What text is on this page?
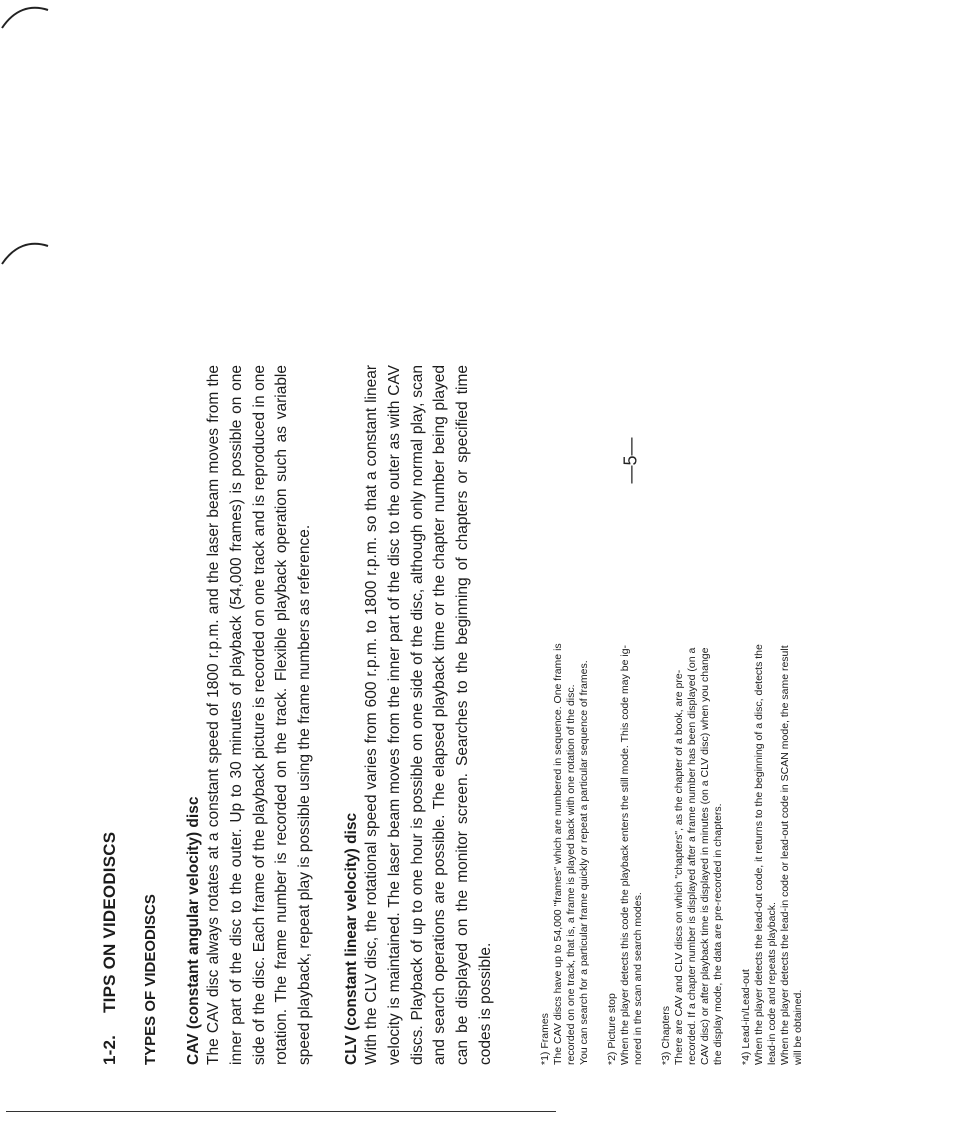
1-2.TIPS ON VIDEODISCS TYPES OF VIDEODISCS CAV (constant angular velocity) disc The CAV disc always rotates at a constant speed of 1800 r.p.m. and the laser beam moves from the inner part of the disc to the outer. Up to 30 minutes of playback (54,000 frames) is possible on one side of the disc. Each frame of the playback picture is recorded on one track and is reproduced in one rotation. The frame number is recorded on the track. Flexible playback operation such as variable speed playback, repeat play is possible using the frame numbers as reference. CLV (constant linear velocity) disc With the CLV disc, the rotational speed varies from 600 r.p.m. to 1800 r.p.m. so that a constant linear velocity is maintained. The laser beam moves from the inner part of the disc to the outer as with CAV discs. Playback of up to one hour is possible on one side of the disc, although only normal play, scan and search operations are possible. The elapsed playback time or the chapter number being played can be displayed on the monitor screen. Searches to the beginning of chapters or specified time codes is possible.	*1) Frames The CAV discs have up to 54,000 "frames" which are numbered in sequence. One frame is recorded on one track, that is, a frame is played back with one rotation of the disc. You can search for a particular frame quickly or repeat a particular sequence of frames. *2) Picture stop When the player detects this code the playback enters the still mode. This code may be ig- nored in the scan and search modes. *3) Chapters There are CAV and CLV discs on which "chapters", as the chapter of a book, are pre- recorded. If a chapter number is displayed after a frame number has been displayed (on a CAV disc) or after playback time is displayed in minutes (on a CLV disc) when you change the display mode, the data are pre-recorded in chapters. *4) Lead-in/Lead-out When the player detects the lead-out code, it returns to the beginning of a disc, detects the lead-in code and repeats playback. When the player detects the lead-in code or lead-out code in SCAN mode, the same result will be obtained.

—5—
